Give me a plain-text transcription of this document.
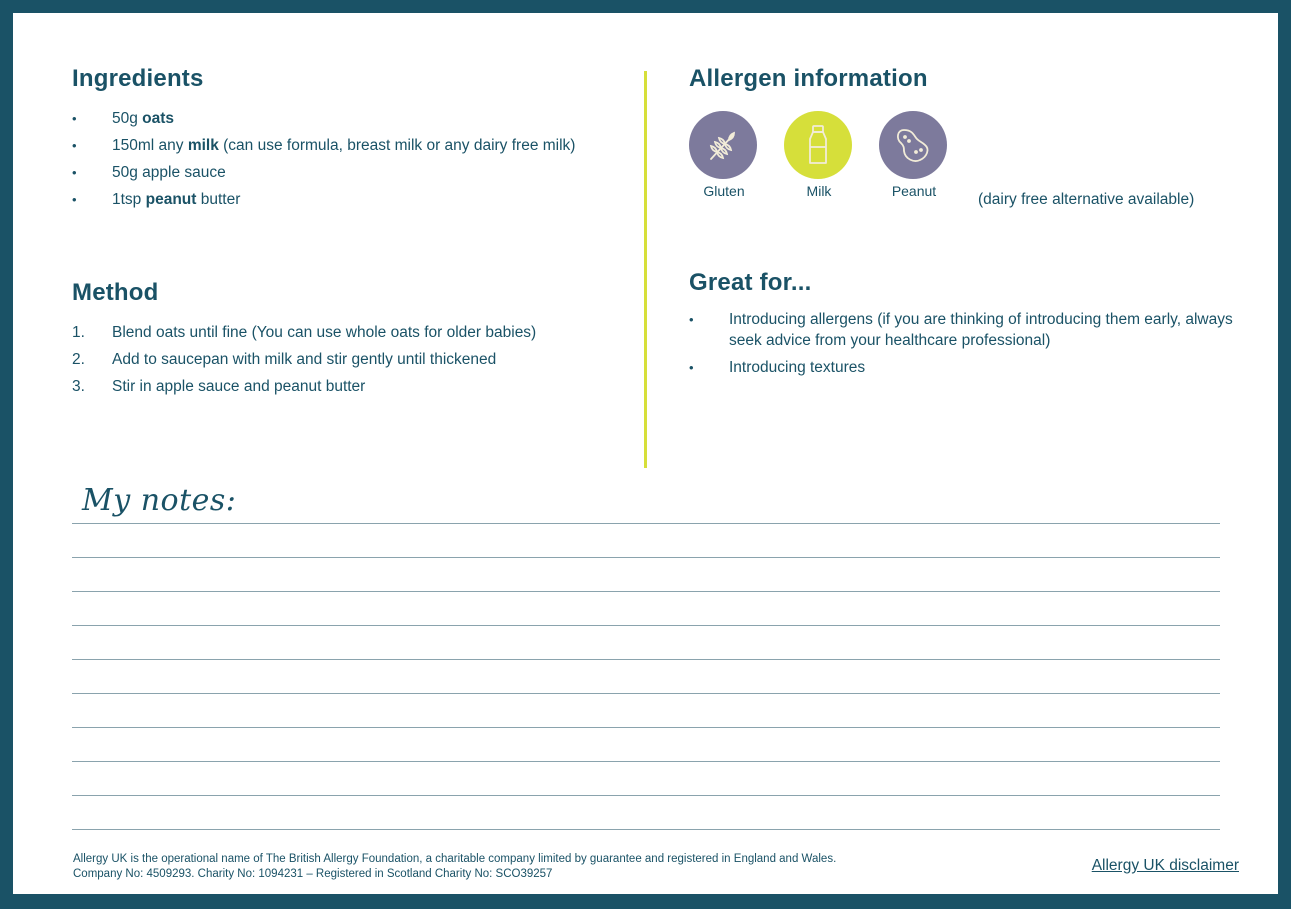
Ingredients
•	50g oats
•	150ml any milk (can use formula, breast milk or any dairy free milk)
•	50g apple sauce
•	1tsp peanut butter
Method
1.	Blend oats until fine (You can use whole oats for older babies)
2.	Add to saucepan with milk and stir gently until thickened
3.	Stir in apple sauce and peanut butter
Allergen information
Gluten	Milk	Peanut	(dairy free alternative available)
Great for...
•	Introducing allergens (if you are thinking of introducing them early, always seek advice from your healthcare professional)
•	Introducing textures
My notes:
Allergy UK is the operational name of The British Allergy Foundation, a charitable company limited by guarantee and registered in England and Wales.
Company No: 4509293. Charity No: 1094231 – Registered in Scotland Charity No: SCO39257	Allergy UK disclaimer
